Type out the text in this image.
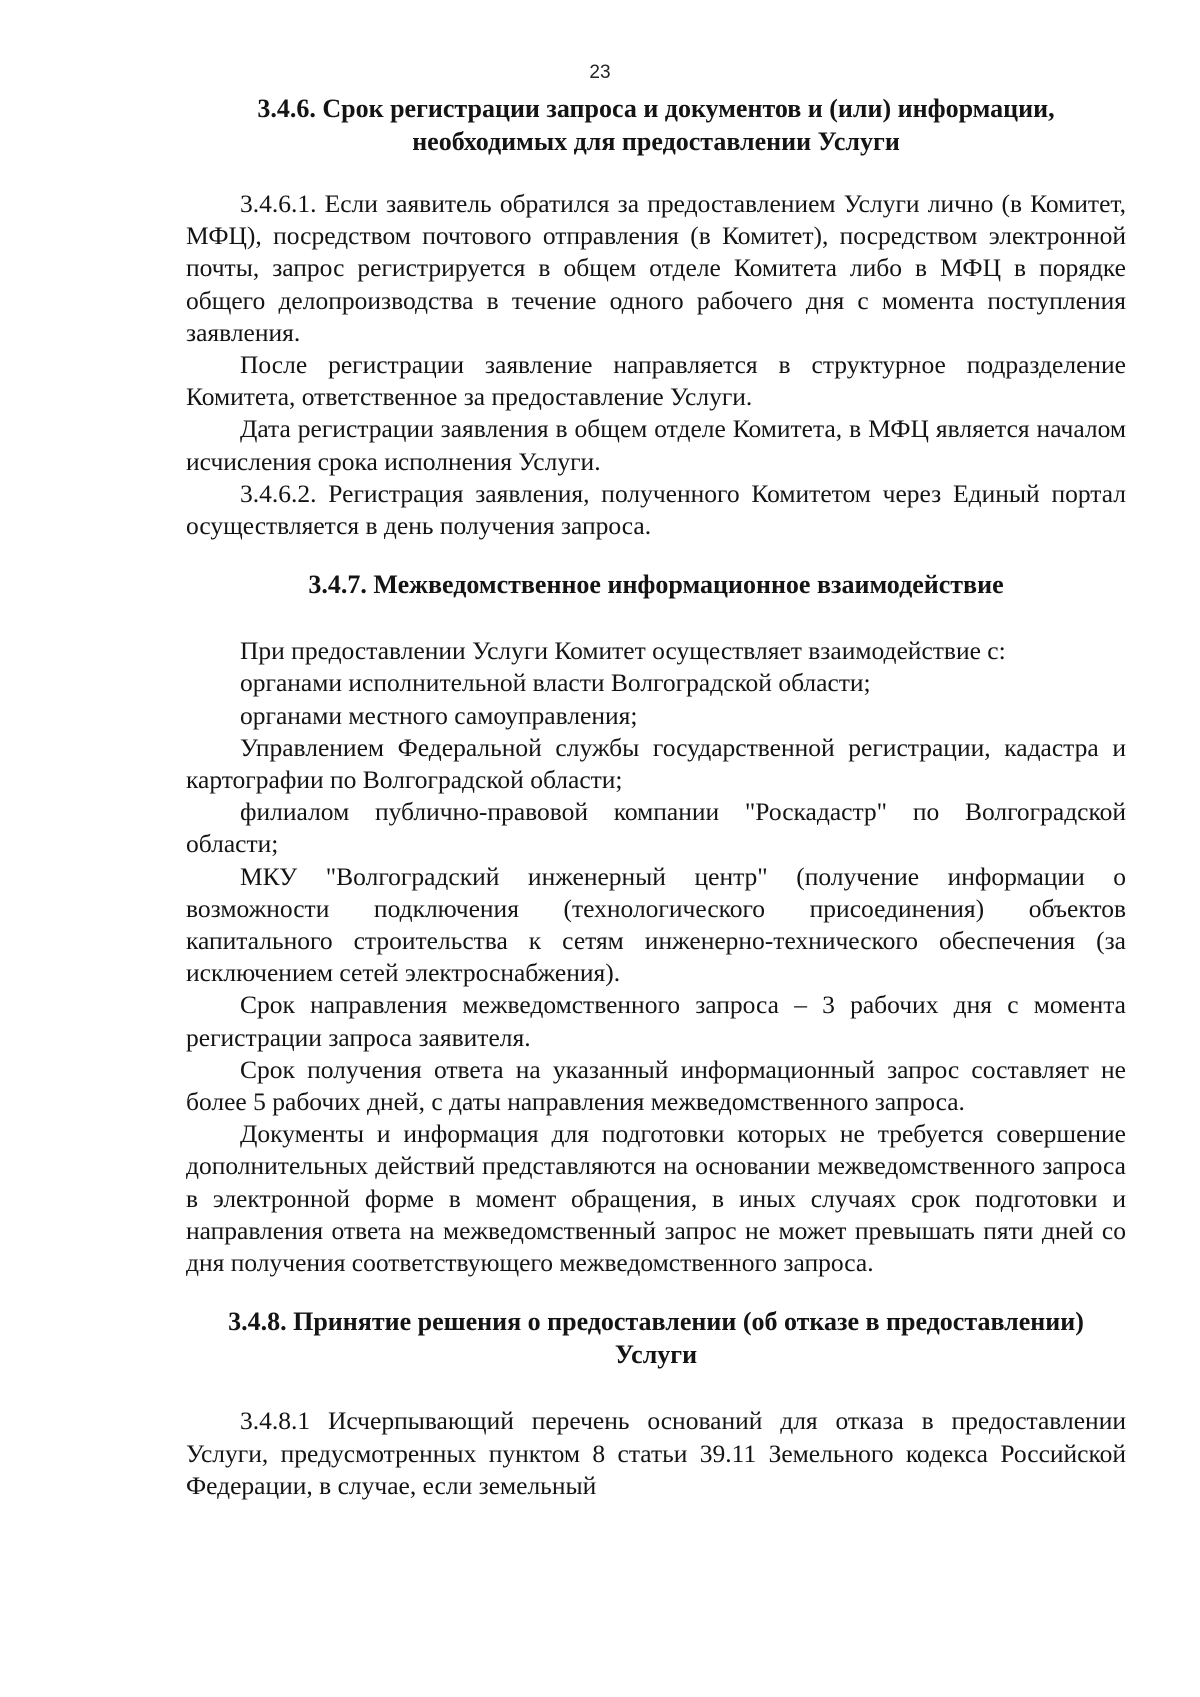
23
3.4.6. Срок регистрации запроса и документов и (или) информации,
необходимых для предоставлении Услуги

3.4.6.1. Если заявитель обратился за предоставлением Услуги лично (в Комитет, МФЦ), посредством почтового отправления (в Комитет), посредством электронной почты, запрос регистрируется в общем отделе Комитета либо в МФЦ в порядке общего делопроизводства в течение одного рабочего дня с момента поступления заявления.

После регистрации заявление направляется в структурное подразделение Комитета, ответственное за предоставление Услуги.

Дата регистрации заявления в общем отделе Комитета, в МФЦ является началом исчисления срока исполнения Услуги.

3.4.6.2. Регистрация заявления, полученного Комитетом через Единый портал осуществляется в день получения запроса.

3.4.7. Межведомственное информационное взаимодействие

При предоставлении Услуги Комитет осуществляет взаимодействие с:

органами исполнительной власти Волгоградской области;

органами местного самоуправления;

Управлением Федеральной службы государственной регистрации, кадастра и картографии по Волгоградской области;

филиалом публично-правовой компании "Роскадастр" по Волгоградской области;

МКУ "Волгоградский инженерный центр" (получение информации о возможности подключения (технологического присоединения) объектов капитального строительства к сетям инженерно-технического обеспечения (за исключением сетей электроснабжения).

Срок направления межведомственного запроса – 3 рабочих дня с момента регистрации запроса заявителя.

Срок получения ответа на указанный информационный запрос составляет не более 5 рабочих дней, с даты направления межведомственного запроса.

Документы и информация для подготовки которых не требуется совершение дополнительных действий представляются на основании межведомственного запроса в электронной форме в момент обращения, в иных случаях срок подготовки и направления ответа на межведомственный запрос не может превышать пяти дней со дня получения соответствующего межведомственного запроса.

3.4.8. Принятие решения о предоставлении (об отказе в предоставлении)
Услуги

3.4.8.1 Исчерпывающий перечень оснований для отказа в предоставлении Услуги, предусмотренных пунктом 8 статьи 39.11 Земельного кодекса Российской Федерации, в случае, если земельный
